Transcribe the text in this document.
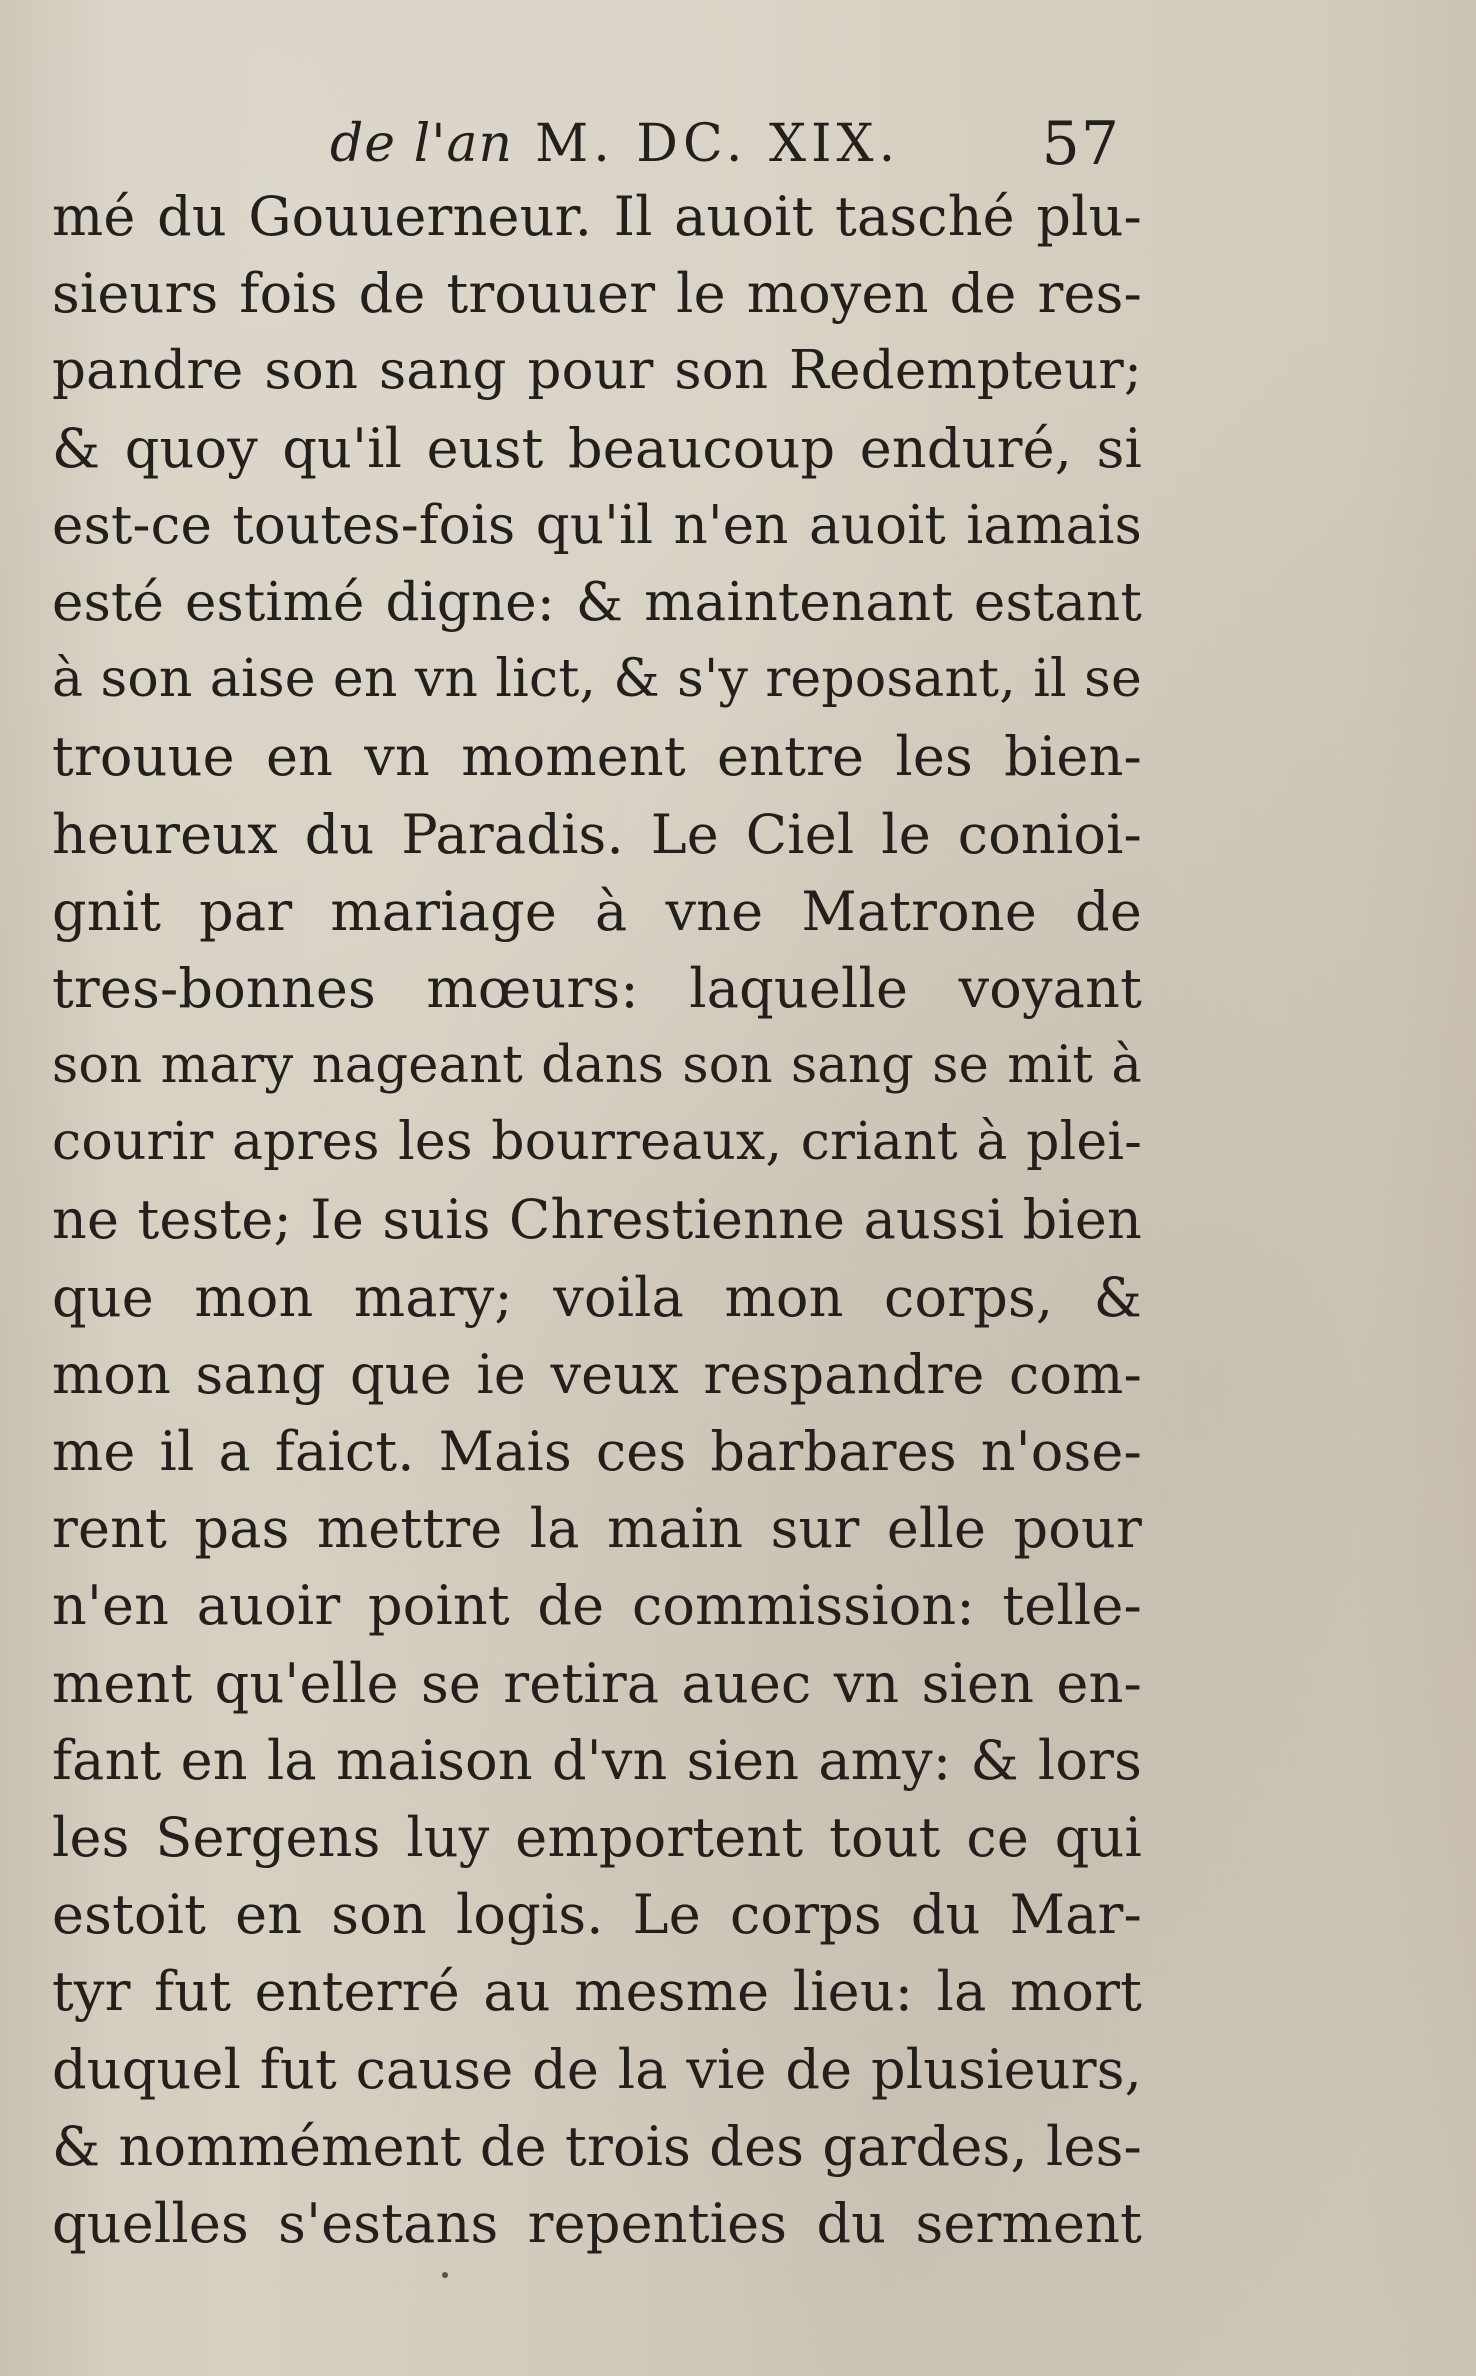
de l'an M. DC. XIX. 57
mé du Gouuerneur. Il auoit tasché plu-
sieurs fois de trouuer le moyen de res-
pandre son sang pour son Redempteur;
& quoy qu'il eust beaucoup enduré, si
est-ce toutes-fois qu'il n'en auoit iamais
esté estimé digne: & maintenant estant
à son aise en vn lict, & s'y reposant, il se
trouue en vn moment entre les bien-
heureux du Paradis. Le Ciel le conioi-
gnit par mariage à vne Matrone de
tres-bonnes mœurs: laquelle voyant
son mary nageant dans son sang se mit à
courir apres les bourreaux, criant à plei-
ne teste; Ie suis Chrestienne aussi bien
que mon mary; voila mon corps, &
mon sang que ie veux respandre com-
me il a faict. Mais ces barbares n'ose-
rent pas mettre la main sur elle pour
n'en auoir point de commission: telle-
ment qu'elle se retira auec vn sien en-
fant en la maison d'vn sien amy: & lors
les Sergens luy emportent tout ce qui
estoit en son logis. Le corps du Mar-
tyr fut enterré au mesme lieu: la mort
duquel fut cause de la vie de plusieurs,
& nommément de trois des gardes, les-
quelles s'estans repenties du serment
